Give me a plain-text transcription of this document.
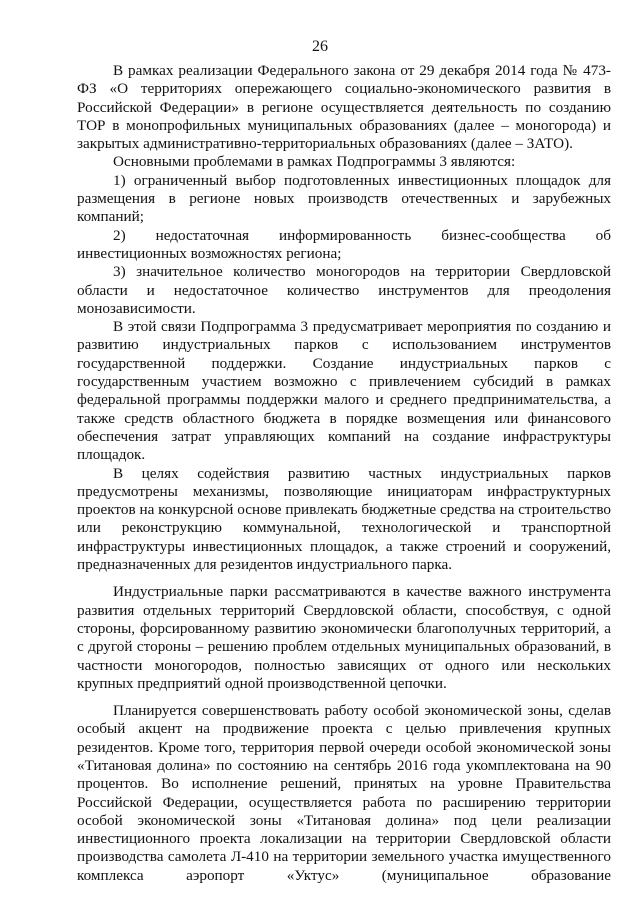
26

В рамках реализации Федерального закона от 29 декабря 2014 года № 473-ФЗ «О территориях опережающего социально-экономического развития в Российской Федерации» в регионе осуществляется деятельность по созданию ТОР в монопрофильных муниципальных образованиях (далее – моногорода) и закрытых административно-территориальных образованиях (далее – ЗАТО).

Основными проблемами в рамках Подпрограммы 3 являются:

1) ограниченный выбор подготовленных инвестиционных площадок для размещения в регионе новых производств отечественных и зарубежных компаний;

2) недостаточная информированность бизнес-сообщества об инвестиционных возможностях региона;

3) значительное количество моногородов на территории Свердловской области и недостаточное количество инструментов для преодоления монозависимости.

В этой связи Подпрограмма 3 предусматривает мероприятия по созданию и развитию индустриальных парков с использованием инструментов государственной поддержки. Создание индустриальных парков с государственным участием возможно с привлечением субсидий в рамках федеральной программы поддержки малого и среднего предпринимательства, а также средств областного бюджета в порядке возмещения или финансового обеспечения затрат управляющих компаний на создание инфраструктуры площадок.

В целях содействия развитию частных индустриальных парков предусмотрены механизмы, позволяющие инициаторам инфраструктурных проектов на конкурсной основе привлекать бюджетные средства на строительство или реконструкцию коммунальной, технологической и транспортной инфраструктуры инвестиционных площадок, а также строений и сооружений, предназначенных для резидентов индустриального парка.

Индустриальные парки рассматриваются в качестве важного инструмента развития отдельных территорий Свердловской области, способствуя, с одной стороны, форсированному развитию экономически благополучных территорий, а с другой стороны – решению проблем отдельных муниципальных образований, в частности моногородов, полностью зависящих от одного или нескольких крупных предприятий одной производственной цепочки.

Планируется совершенствовать работу особой экономической зоны, сделав особый акцент на продвижение проекта с целью привлечения крупных резидентов. Кроме того, территория первой очереди особой экономической зоны «Титановая долина» по состоянию на сентябрь 2016 года укомплектована на 90 процентов. Во исполнение решений, принятых на уровне Правительства Российской Федерации, осуществляется работа по расширению территории особой экономической зоны «Титановая долина» под цели реализации инвестиционного проекта локализации на территории Свердловской области производства самолета Л-410 на территории земельного участка имущественного комплекса аэропорт «Уктус» (муниципальное образование
